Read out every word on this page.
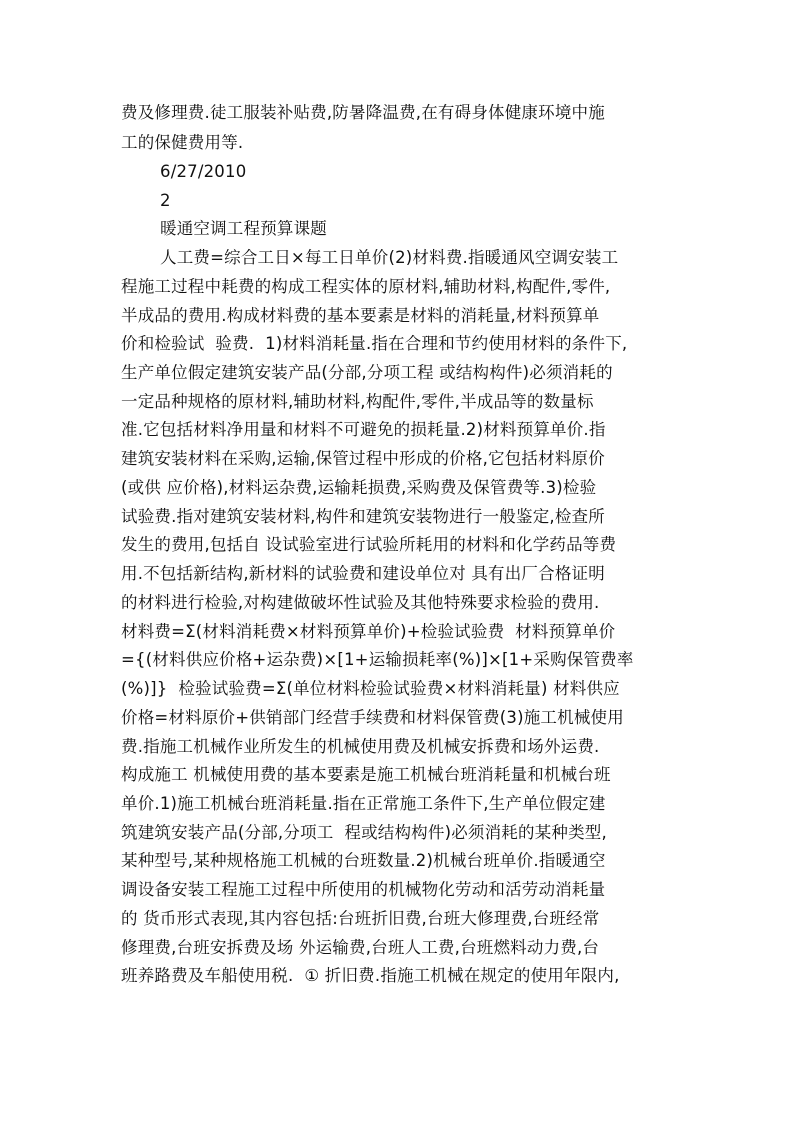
费及修理费.徒工服装补贴费,防暑降温费,在有碍身体健康环境中施
工的保健费用等.
6/27/2010
2
暖通空调工程预算课题
人工费=综合工日×每工日单价(2)材料费.指暖通风空调安装工
程施工过程中耗费的构成工程实体的原材料,辅助材料,构配件,零件,
半成品的费用.构成材料费的基本要素是材料的消耗量,材料预算单
价和检验试  验费.  1)材料消耗量.指在合理和节约使用材料的条件下,
生产单位假定建筑安装产品(分部,分项工程 或结构构件)必须消耗的
一定品种规格的原材料,辅助材料,构配件,零件,半成品等的数量标
准.它包括材料净用量和材料不可避免的损耗量.2)材料预算单价.指
建筑安装材料在采购,运输,保管过程中形成的价格,它包括材料原价
(或供 应价格),材料运杂费,运输耗损费,采购费及保管费等.3)检验
试验费.指对建筑安装材料,构件和建筑安装物进行一般鉴定,检查所
发生的费用,包括自 设试验室进行试验所耗用的材料和化学药品等费
用.不包括新结构,新材料的试验费和建设单位对 具有出厂合格证明
的材料进行检验,对构建做破坏性试验及其他特殊要求检验的费用.
材料费=Σ(材料消耗费×材料预算单价)+检验试验费  材料预算单价
={(材料供应价格+运杂费)×[1+运输损耗率(%)]×[1+采购保管费率
(%)]}  检验试验费=Σ(单位材料检验试验费×材料消耗量) 材料供应
价格=材料原价+供销部门经营手续费和材料保管费(3)施工机械使用
费.指施工机械作业所发生的机械使用费及机械安拆费和场外运费.
构成施工 机械使用费的基本要素是施工机械台班消耗量和机械台班
单价.1)施工机械台班消耗量.指在正常施工条件下,生产单位假定建
筑建筑安装产品(分部,分项工  程或结构构件)必须消耗的某种类型,
某种型号,某种规格施工机械的台班数量.2)机械台班单价.指暖通空
调设备安装工程施工过程中所使用的机械物化劳动和活劳动消耗量
的 货币形式表现,其内容包括:台班折旧费,台班大修理费,台班经常
修理费,台班安拆费及场 外运输费,台班人工费,台班燃料动力费,台
班养路费及车船使用税.  ① 折旧费.指施工机械在规定的使用年限内,
